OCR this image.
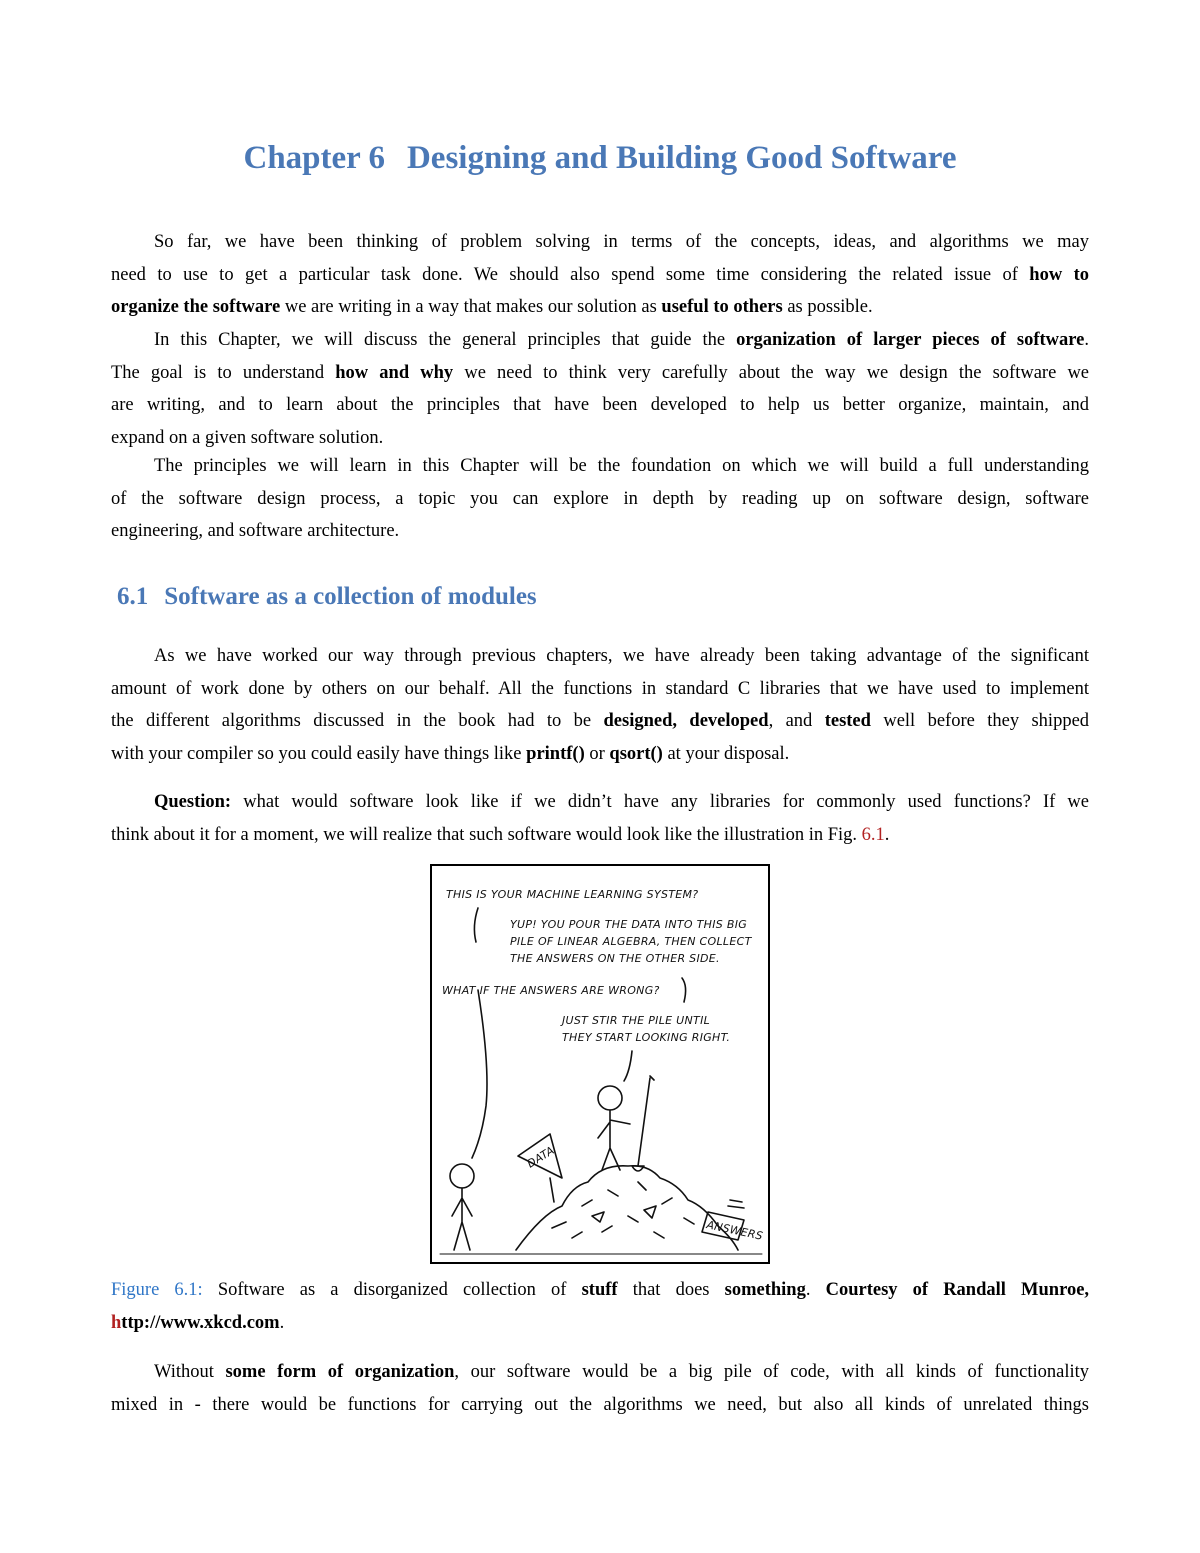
Chapter 6 Designing and Building Good Software

So far, we have been thinking of problem solving in terms of the concepts, ideas, and algorithms we may
need to use to get a particular task done. We should also spend some time considering the related issue of how to
organize the software we are writing in a way that makes our solution as useful to others as possible.

In this Chapter, we will discuss the general principles that guide the organization of larger pieces of software.
The goal is to understand how and why we need to think very carefully about the way we design the software we
are writing, and to learn about the principles that have been developed to help us better organize, maintain, and
expand on a given software solution.

The principles we will learn in this Chapter will be the foundation on which we will build a full understanding
of the software design process, a topic you can explore in depth by reading up on software design, software
engineering, and software architecture.

6.1 Software as a collection of modules

As we have worked our way through previous chapters, we have already been taking advantage of the significant
amount of work done by others on our behalf. All the functions in standard C libraries that we have used to implement
the different algorithms discussed in the book had to be designed, developed, and tested well before they shipped
with your compiler so you could easily have things like printf() or qsort() at your disposal.

Question: what would software look like if we didn’t have any libraries for commonly used functions? If we
think about it for a moment, we will realize that such software would look like the illustration in Fig. 6.1.

THIS IS YOUR MACHINE LEARNING SYSTEM?
YUP! YOU POUR THE DATA INTO THIS BIG
PILE OF LINEAR ALGEBRA, THEN COLLECT
THE ANSWERS ON THE OTHER SIDE.
WHAT IF THE ANSWERS ARE WRONG?
JUST STIR THE PILE UNTIL
THEY START LOOKING RIGHT.
DATA
ANSWERS

Figure 6.1: Software as a disorganized collection of stuff that does something. Courtesy of Randall Munroe,
http://www.xkcd.com.

Without some form of organization, our software would be a big pile of code, with all kinds of functionality
mixed in - there would be functions for carrying out the algorithms we need, but also all kinds of unrelated things
